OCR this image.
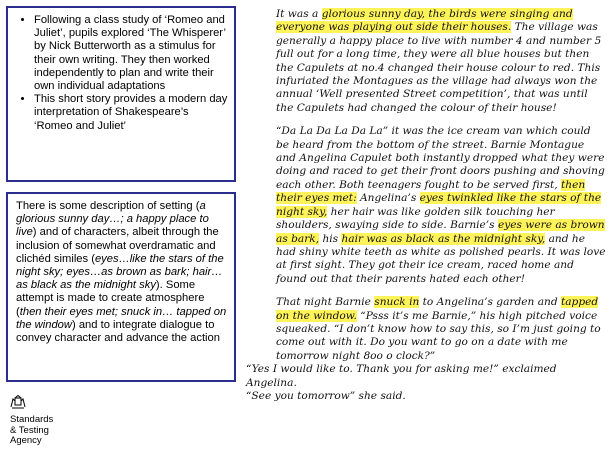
• Following a class study of ‘Romeo and Juliet’, pupils explored ‘The Whisperer’ by Nick Butterworth as a stimulus for their own writing. They then worked independently to plan and write their own individual adaptations
• This short story provides a modern day interpretation of Shakespeare’s ‘Romeo and Juliet’

There is some description of setting (a glorious sunny day…; a happy place to live) and of characters, albeit through the inclusion of somewhat overdramatic and clichéd similes (eyes…like the stars of the night sky; eyes…as brown as bark; hair…as black as the midnight sky). Some attempt is made to create atmosphere (then their eyes met; snuck in… tapped on the window) and to integrate dialogue to convey character and advance the action

Standards
& Testing
Agency

It was a glorious sunny day, the birds were singing and everyone was playing out side their houses. The village was generally a happy place to live with number 4 and number 5 full out for a long time, they were all blue houses but then the Capulets at no.4 changed their house colour to red. This infuriated the Montagues as the village had always won the annual ‘Well presented Street competition’, that was until the Capulets had changed the colour of their house!

“Da La Da La Da La” it was the ice cream van which could be heard from the bottom of the street. Barnie Montague and Angelina Capulet both instantly dropped what they were doing and raced to get their front doors pushing and shoving each other. Both teenagers fought to be served first, then their eyes met: Angelina’s eyes twinkled like the stars of the night sky, her hair was like golden silk touching her shoulders, swaying side to side. Barnie’s eyes were as brown as bark, his hair was as black as the midnight sky, and he had shiny white teeth as white as polished pearls. It was love at first sight. They got their ice cream, raced home and found out that their parents hated each other!

That night Barnie snuck in to Angelina’s garden and tapped on the window. “Psss it’s me Barnie,” his high pitched voice squeaked. “I don’t know how to say this, so I’m just going to come out with it. Do you want to go on a date with me tomorrow night 8oo o clock?”

“Yes I would like to. Thank you for asking me!” exclaimed Angelina.

“See you tomorrow” she said.
